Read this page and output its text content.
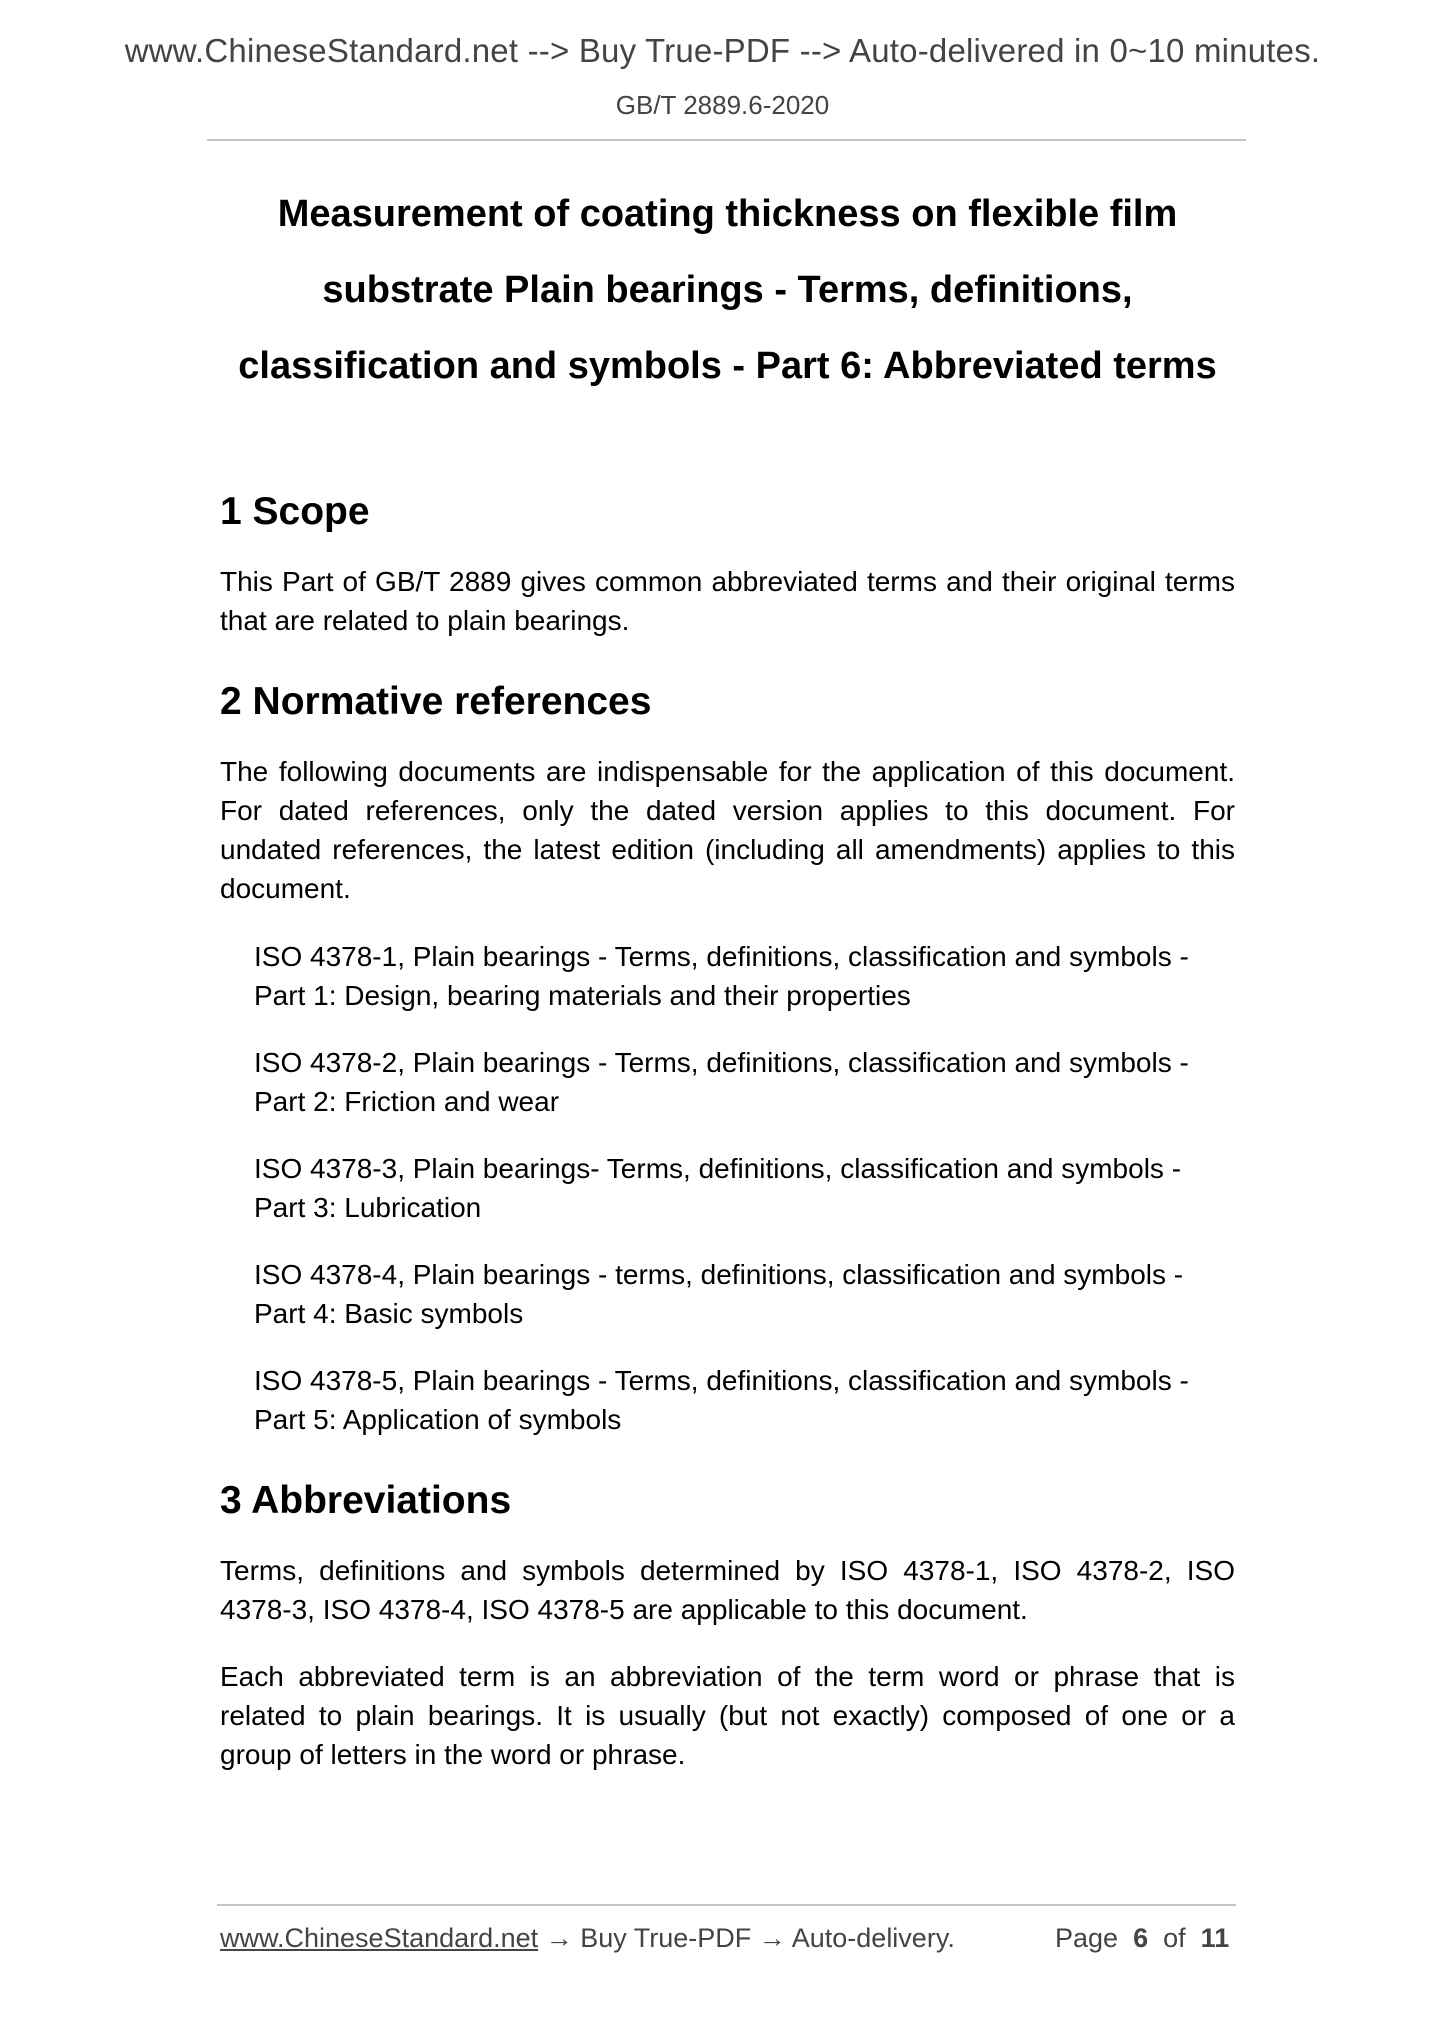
www.ChineseStandard.net --> Buy True-PDF --> Auto-delivered in 0~10 minutes.
GB/T 2889.6-2020
Measurement of coating thickness on flexible film
substrate Plain bearings - Terms, definitions,
classification and symbols - Part 6: Abbreviated terms
1 Scope

This Part of GB/T 2889 gives common abbreviated terms and their original terms that are related to plain bearings.

2 Normative references

The following documents are indispensable for the application of this document. For dated references, only the dated version applies to this document. For undated references, the latest edition (including all amendments) applies to this document.

ISO 4378-1, Plain bearings - Terms, definitions, classification and symbols - Part 1: Design, bearing materials and their properties

ISO 4378-2, Plain bearings - Terms, definitions, classification and symbols - Part 2: Friction and wear

ISO 4378-3, Plain bearings- Terms, definitions, classification and symbols - Part 3: Lubrication

ISO 4378-4, Plain bearings - terms, definitions, classification and symbols - Part 4: Basic symbols

ISO 4378-5, Plain bearings - Terms, definitions, classification and symbols - Part 5: Application of symbols

3 Abbreviations

Terms, definitions and symbols determined by ISO 4378-1, ISO 4378-2, ISO 4378-3, ISO 4378-4, ISO 4378-5 are applicable to this document.

Each abbreviated term is an abbreviation of the term word or phrase that is related to plain bearings. It is usually (but not exactly) composed of one or a group of letters in the word or phrase.

www.ChineseStandard.net → Buy True-PDF → Auto-delivery.	Page 6 of 11
